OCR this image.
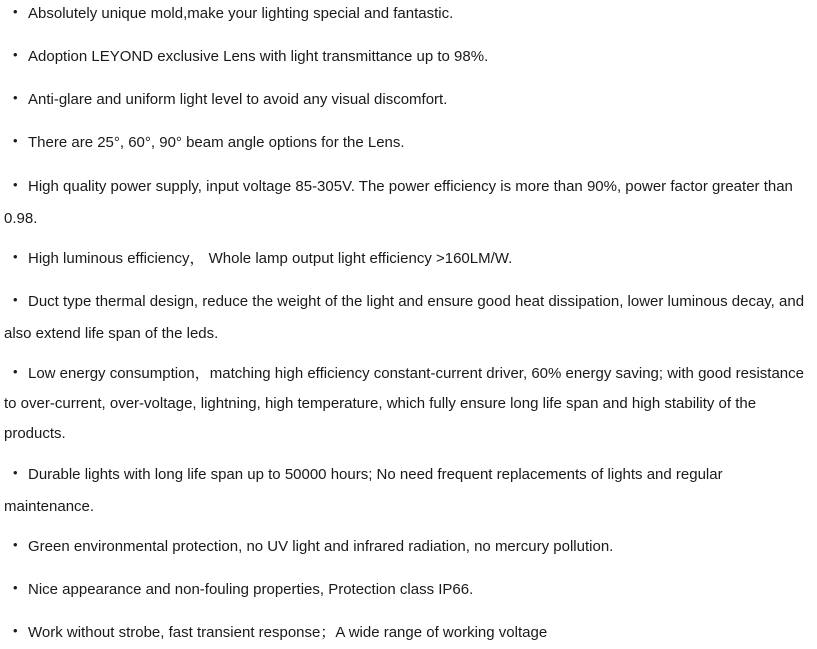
• Absolutely unique mold,make your lighting special and fantastic.

• Adoption LEYOND exclusive Lens with light transmittance up to 98%.

• Anti-glare and uniform light level to avoid any visual discomfort.

• There are 25°, 60°, 90° beam angle options for the Lens.

• High quality power supply, input voltage 85-305V. The power efficiency is more than 90%, power factor greater than 0.98.

• High luminous efficiency， Whole lamp output light efficiency >160LM/W.

• Duct type thermal design, reduce the weight of the light and ensure good heat dissipation, lower luminous decay, and also extend life span of the leds.

• Low energy consumption，matching high efficiency constant-current driver, 60% energy saving; with good resistance to over-current, over-voltage, lightning, high temperature, which fully ensure long life span and high stability of the products.

• Durable lights with long life span up to 50000 hours; No need frequent replacements of lights and regular maintenance.

• Green environmental protection, no UV light and infrared radiation, no mercury pollution.

• Nice appearance and non-fouling properties, Protection class IP66.

• Work without strobe, fast transient response；A wide range of working voltage
